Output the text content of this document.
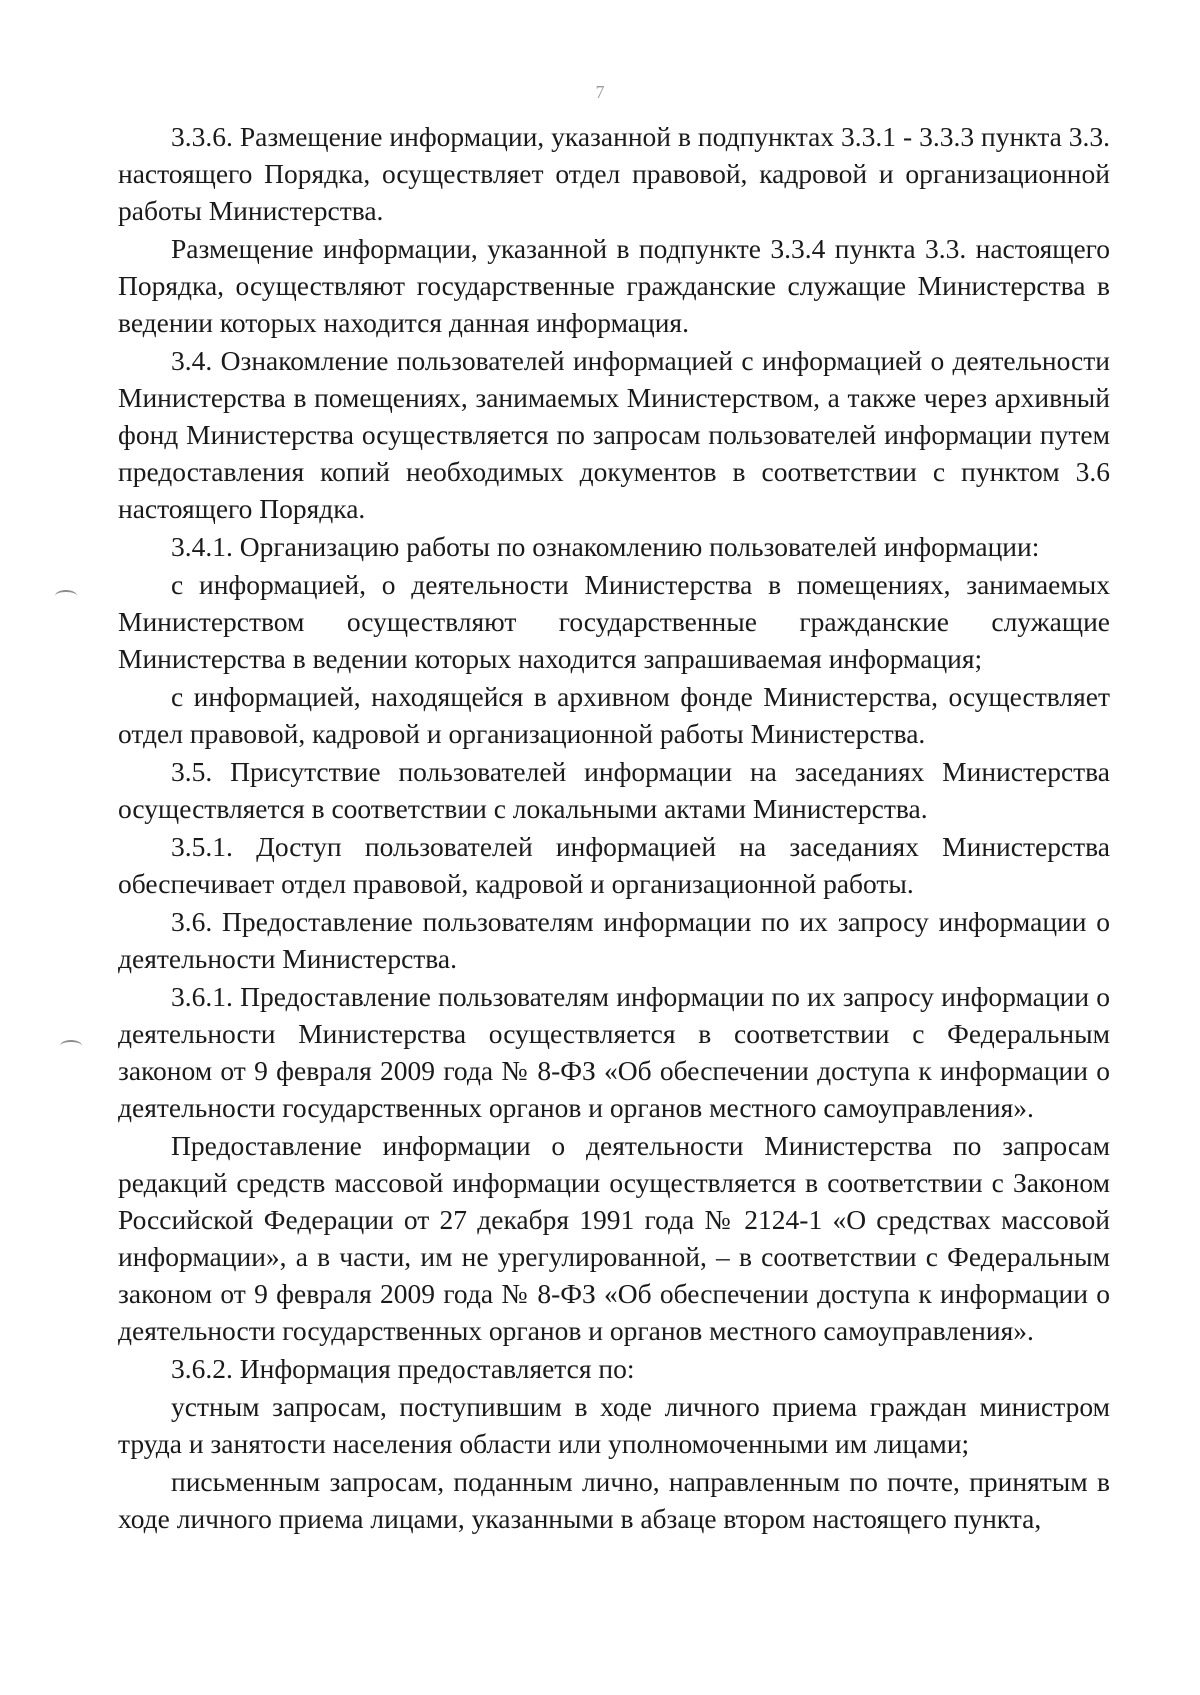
7

3.3.6. Размещение информации, указанной в подпунктах 3.3.1 - 3.3.3 пункта 3.3. настоящего Порядка, осуществляет отдел правовой, кадровой и организационной работы Министерства.

Размещение информации, указанной в подпункте 3.3.4 пункта 3.3. настоящего Порядка, осуществляют государственные гражданские служащие Министерства в ведении которых находится данная информация.

3.4. Ознакомление пользователей информацией с информацией о деятельности Министерства в помещениях, занимаемых Министерством, а также через архивный фонд Министерства осуществляется по запросам пользователей информации путем предоставления копий необходимых документов в соответствии с пунктом 3.6 настоящего Порядка.

3.4.1. Организацию работы по ознакомлению пользователей информации:

с информацией, о деятельности Министерства в помещениях, занимаемых Министерством осуществляют государственные гражданские служащие Министерства в ведении которых находится запрашиваемая информация;

с информацией, находящейся в архивном фонде Министерства, осуществляет отдел правовой, кадровой и организационной работы Министерства.

3.5. Присутствие пользователей информации на заседаниях Министерства осуществляется в соответствии с локальными актами Министерства.

3.5.1. Доступ пользователей информацией на заседаниях Министерства обеспечивает отдел правовой, кадровой и организационной работы.

3.6. Предоставление пользователям информации по их запросу информации о деятельности Министерства.

3.6.1. Предоставление пользователям информации по их запросу информации о деятельности Министерства осуществляется в соответствии с Федеральным законом от 9 февраля 2009 года № 8-ФЗ «Об обеспечении доступа к информации о деятельности государственных органов и органов местного самоуправления».

Предоставление информации о деятельности Министерства по запросам редакций средств массовой информации осуществляется в соответствии с Законом Российской Федерации от 27 декабря 1991 года № 2124-1 «О средствах массовой информации», а в части, им не урегулированной, – в соответствии с Федеральным законом от 9 февраля 2009 года № 8-ФЗ «Об обеспечении доступа к информации о деятельности государственных органов и органов местного самоуправления».

3.6.2. Информация предоставляется по:

устным запросам, поступившим в ходе личного приема граждан министром труда и занятости населения области или уполномоченными им лицами;

письменным запросам, поданным лично, направленным по почте, принятым в ходе личного приема лицами, указанными в абзаце втором настоящего пункта,
